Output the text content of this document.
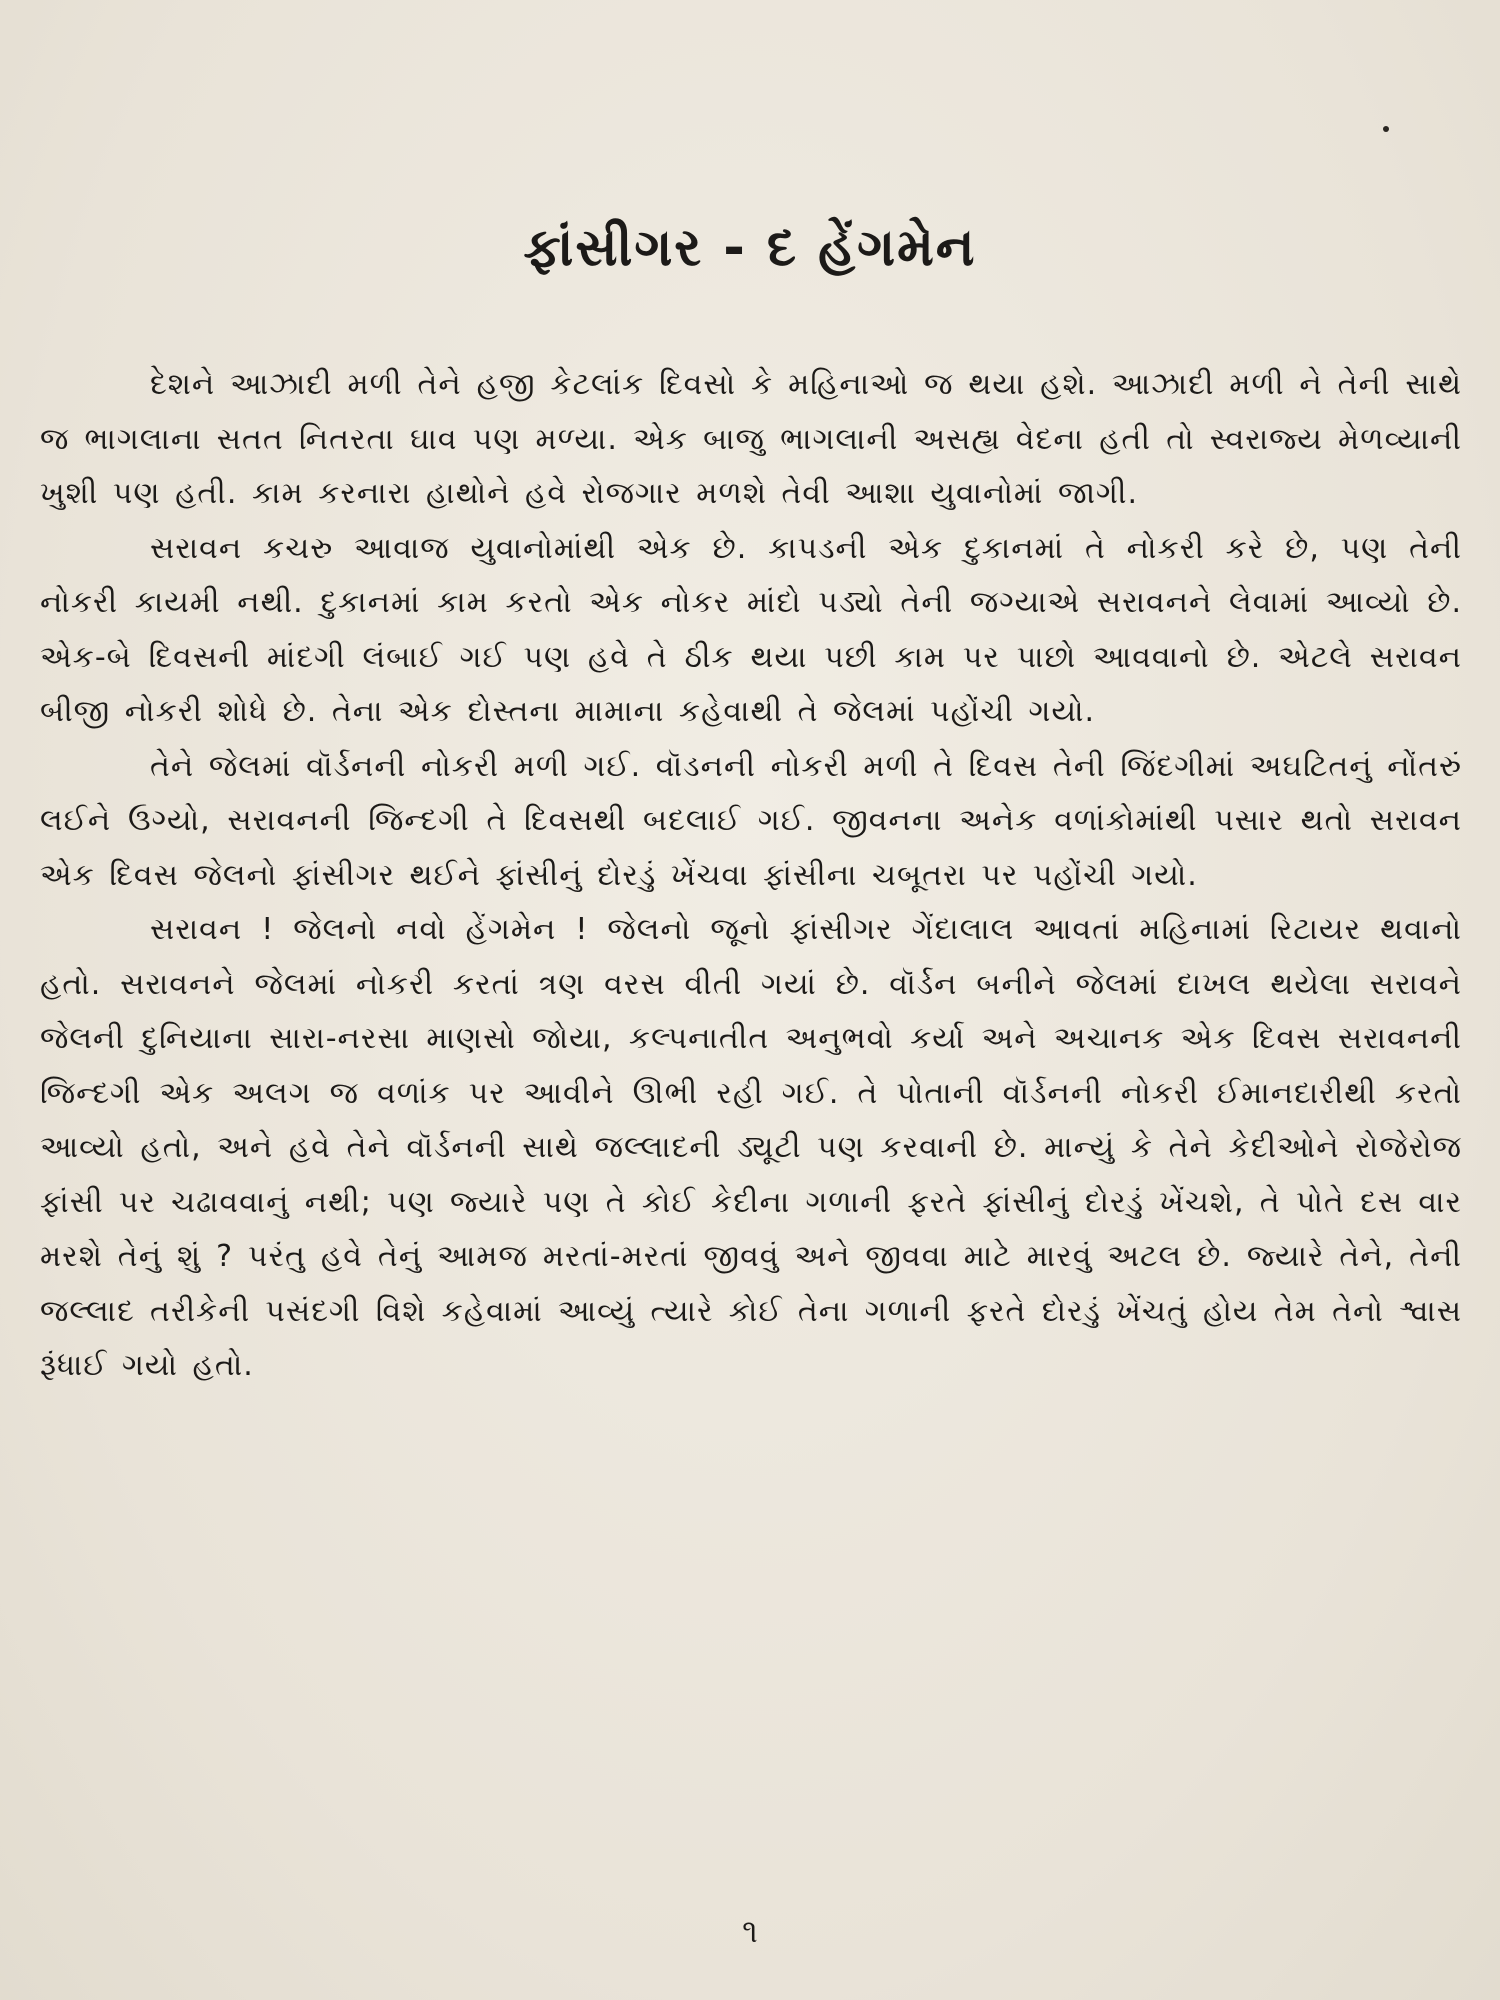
ફાંસીગર - દ હેંગમેન

દેશને આઝાદી મળી તેને હજી કેટલાંક દિવસો કે મહિનાઓ જ થયા હશે. આઝાદી મળી ને તેની સાથે જ ભાગલાના સતત નિતરતા ઘાવ પણ મળ્યા. એક બાજુ ભાગલાની અસહ્ય વેદના હતી તો સ્વરાજ્ય મેળવ્યાની ખુશી પણ હતી. કામ કરનારા હાથોને હવે રોજગાર મળશે તેવી આશા યુવાનોમાં જાગી.

સરાવન કચરુ આવાજ યુવાનોમાંથી એક છે. કાપડની એક દુકાનમાં તે નોકરી કરે છે, પણ તેની નોકરી કાયમી નથી. દુકાનમાં કામ કરતો એક નોકર માંદો પડ્યો તેની જગ્યાએ સરાવનને લેવામાં આવ્યો છે. એક-બે દિવસની માંદગી લંબાઈ ગઈ પણ હવે તે ઠીક થયા પછી કામ પર પાછો આવવાનો છે. એટલે સરાવન બીજી નોકરી શોધે છે. તેના એક દોસ્તના મામાના કહેવાથી તે જેલમાં પહોંચી ગયો.

તેને જેલમાં વૉર્ડનની નોકરી મળી ગઈ. વૉડનની નોકરી મળી તે દિવસ તેની જિંદગીમાં અઘટિતનું નોંતરું લઈને ઉગ્યો, સરાવનની જિન્દગી તે દિવસથી બદલાઈ ગઈ. જીવનના અનેક વળાંકોમાંથી પસાર થતો સરાવન એક દિવસ જેલનો ફાંસીગર થઈને ફાંસીનું દોરડું ખેંચવા ફાંસીના ચબૂતરા પર પહોંચી ગયો.

સરાવન ! જેલનો નવો હેંગમેન ! જેલનો જૂનો ફાંસીગર ગેંદાલાલ આવતાં મહિનામાં રિટાયર થવાનો હતો. સરાવનને જેલમાં નોકરી કરતાં ત્રણ વરસ વીતી ગયાં છે. વૉર્ડન બનીને જેલમાં દાખલ થયેલા સરાવને જેલની દુનિયાના સારા-નરસા માણસો જોયા, કલ્પનાતીત અનુભવો કર્યા અને અચાનક એક દિવસ સરાવનની જિન્દગી એક અલગ જ વળાંક પર આવીને ઊભી રહી ગઈ. તે પોતાની વૉર્ડનની નોકરી ઈમાનદારીથી કરતો આવ્યો હતો, અને હવે તેને વૉર્ડનની સાથે જલ્લાદની ડ્યૂટી પણ કરવાની છે. માન્યું કે તેને કેદીઓને રોજેરોજ ફાંસી પર ચઢાવવાનું નથી; પણ જ્યારે પણ તે કોઈ કેદીના ગળાની ફરતે ફાંસીનું દોરડું ખેંચશે, તે પોતે દસ વાર મરશે તેનું શું ? પરંતુ હવે તેનું આમજ મરતાં-મરતાં જીવવું અને જીવવા માટે મારવું અટલ છે. જ્યારે તેને, તેની જલ્લાદ તરીકેની પસંદગી વિશે કહેવામાં આવ્યું ત્યારે કોઈ તેના ગળાની ફરતે દોરડું ખેંચતું હોય તેમ તેનો શ્વાસ રૂંધાઈ ગયો હતો.

૧
